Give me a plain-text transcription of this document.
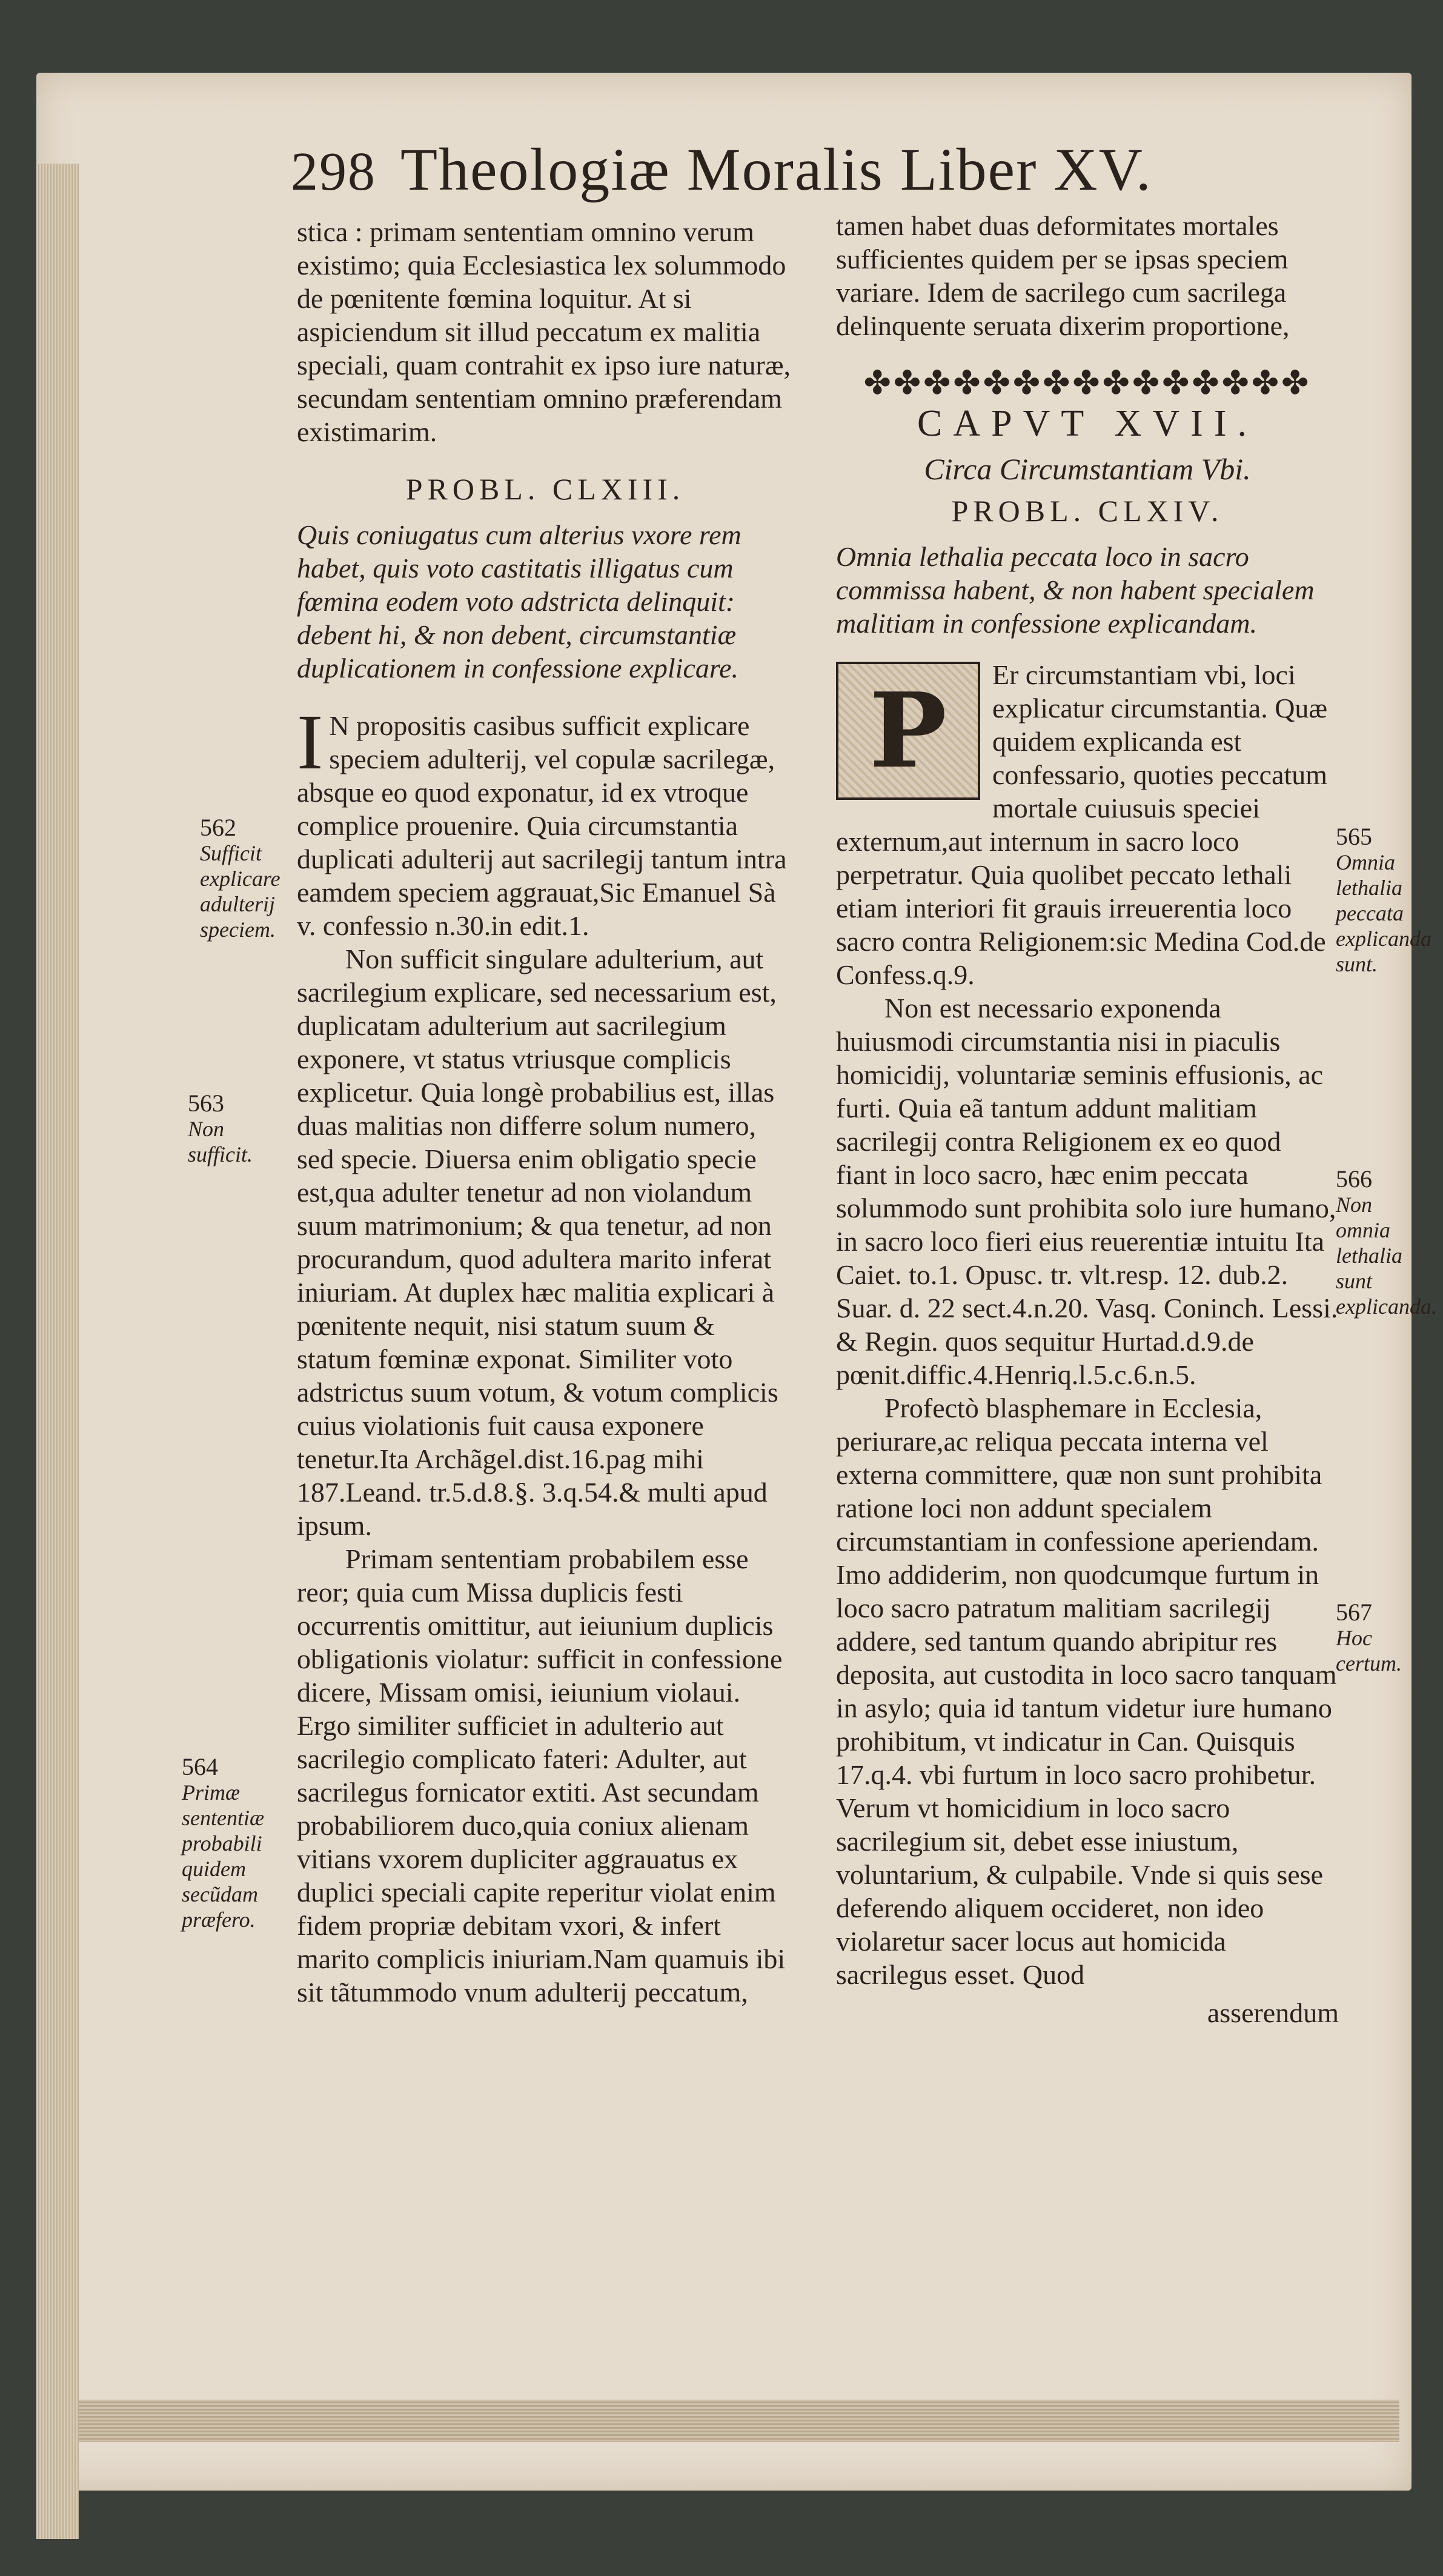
298 Theologiæ Moralis Liber XV.

stica : primam sententiam omnino verum existimo; quia Ecclesiastica lex solummodo de pœnitente fœmina loquitur. At si aspiciendum sit illud peccatum ex malitia speciali, quam contrahit ex ipso iure naturæ, secundam sententiam omnino præferendam existimarim.

PROBL. CLXIII.

Quis coniugatus cum alterius vxore rem habet, quis voto castitatis illigatus cum fœmina eodem voto adstricta delinquit: debent hi, & non debent, circumstantiæ duplicationem in confessione explicare.

I N propositis casibus sufficit explicare speciem adulterij, vel copulæ sacrilegæ, absque eo quod exponatur, id ex vtroque complice prouenire. Quia circumstantia duplicati adulterij aut sacrilegij tantum intra eamdem speciem aggrauat,Sic Emanuel Sà v. confessio n.30.in edit.1.

Non sufficit singulare adulterium, aut sacrilegium explicare, sed necessarium est, duplicatam adulterium aut sacrilegium exponere, vt status vtriusque complicis explicetur. Quia longè probabilius est, illas duas malitias non differre solum numero, sed specie. Diuersa enim obligatio specie est,qua adulter tenetur ad non violandum suum matrimonium; & qua tenetur, ad non procurandum, quod adultera marito inferat iniuriam. At duplex hæc malitia explicari à pœnitente nequit, nisi statum suum & statum fœminæ exponat. Similiter voto adstrictus suum votum, & votum complicis cuius violationis fuit causa exponere tenetur.Ita Archãgel.dist.16.pag mihi 187.Leand. tr.5.d.8.§. 3.q.54.& multi apud ipsum.

Primam sententiam probabilem esse reor; quia cum Missa duplicis festi occurrentis omittitur, aut ieiunium duplicis obligationis violatur: sufficit in confessione dicere, Missam omisi, ieiunium violaui. Ergo similiter sufficiet in adulterio aut sacrilegio complicato fateri: Adulter, aut sacrilegus fornicator extiti. Ast secundam probabiliorem duco,quia coniux alienam vitians vxorem dupliciter aggrauatus ex duplici speciali capite reperitur violat enim fidem propriæ debitam vxori, & infert marito complicis iniuriam.Nam quamuis ibi sit tãtummodo vnum adulterij peccatum,

tamen habet duas deformitates mortales sufficientes quidem per se ipsas speciem variare. Idem de sacrilego cum sacrilega delinquente seruata dixerim proportione,

✤✤✤✤✤✤✤✤✤✤✤✤✤✤✤
CAPVT XVII.
Circa Circumstantiam Vbi.
PROBL. CLXIV.

Omnia lethalia peccata loco in sacro commissa habent, & non habent specialem malitiam in confessione explicandam.

P	Er circumstantiam vbi, loci explicatur circumstantia. Quæ quidem explicanda est confessario, quoties peccatum mortale cuiusuis speciei externum,aut internum in sacro loco perpetratur. Quia quolibet peccato lethali etiam interiori fit grauis irreuerentia loco sacro contra Religionem:sic Medina Cod.de Confess.q.9.

Non est necessario exponenda huiusmodi circumstantia nisi in piaculis homicidij, voluntariæ seminis effusionis, ac furti. Quia eã tantum addunt malitiam sacrilegij contra Religionem ex eo quod fiant in loco sacro, hæc enim peccata solummodo sunt prohibita solo iure humano, in sacro loco fieri eius reuerentiæ intuitu Ita Caiet. to.1. Opusc. tr. vlt.resp. 12. dub.2. Suar. d. 22 sect.4.n.20. Vasq. Coninch. Lessi. & Regin. quos sequitur Hurtad.d.9.de pœnit.diffic.4.Henriq.l.5.c.6.n.5.

Profectò blasphemare in Ecclesia, periurare,ac reliqua peccata interna vel externa committere, quæ non sunt prohibita ratione loci non addunt specialem circumstantiam in confessione aperiendam. Imo addiderim, non quodcumque furtum in loco sacro patratum malitiam sacrilegij addere, sed tantum quando abripitur res deposita, aut custodita in loco sacro tanquam in asylo; quia id tantum videtur iure humano prohibitum, vt indicatur in Can. Quisquis 17.q.4. vbi furtum in loco sacro prohibetur. Verum vt homicidium in loco sacro sacrilegium sit, debet esse iniustum, voluntarium, & culpabile. Vnde si quis sese deferendo aliquem occideret, non ideo violaretur sacer locus aut homicida sacrilegus esset. Quod

asserendum
562
Sufficit explicare adulterij speciem.
563
Non sufficit.
564
Primæ sententiæ probabili quidem secũdam præfero.
565
Omnia lethalia peccata explicanda sunt.
566
Non omnia lethalia sunt explicanda.
567
Hoc certum.
